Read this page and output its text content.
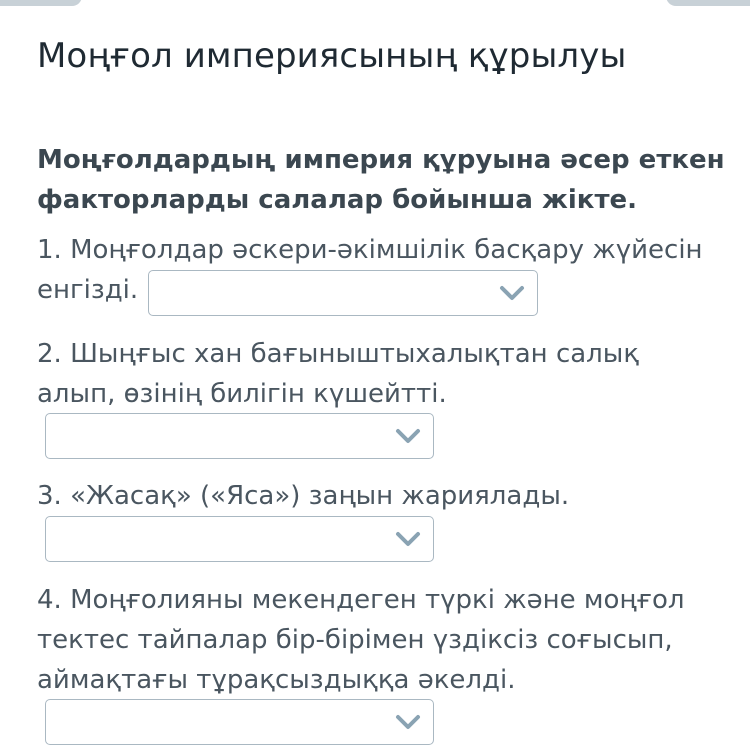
Моңғол империясының құрылуы
Моңғолдардың империя құруына әсер еткен факторларды салалар бойынша жікте.
1. Моңғолдар әскери-әкімшілік басқару жүйесін
енгізді.
2. Шыңғыс хан бағыныштыхалықтан салық
алып, өзінің билігін күшейтті.
3. «Жасақ» («Яса») заңын жариялады.
4. Моңғолияны мекендеген түркі және моңғол
тектес тайпалар бір-бірімен үздіксіз соғысып,
аймақтағы тұрақсыздыққа әкелді.
